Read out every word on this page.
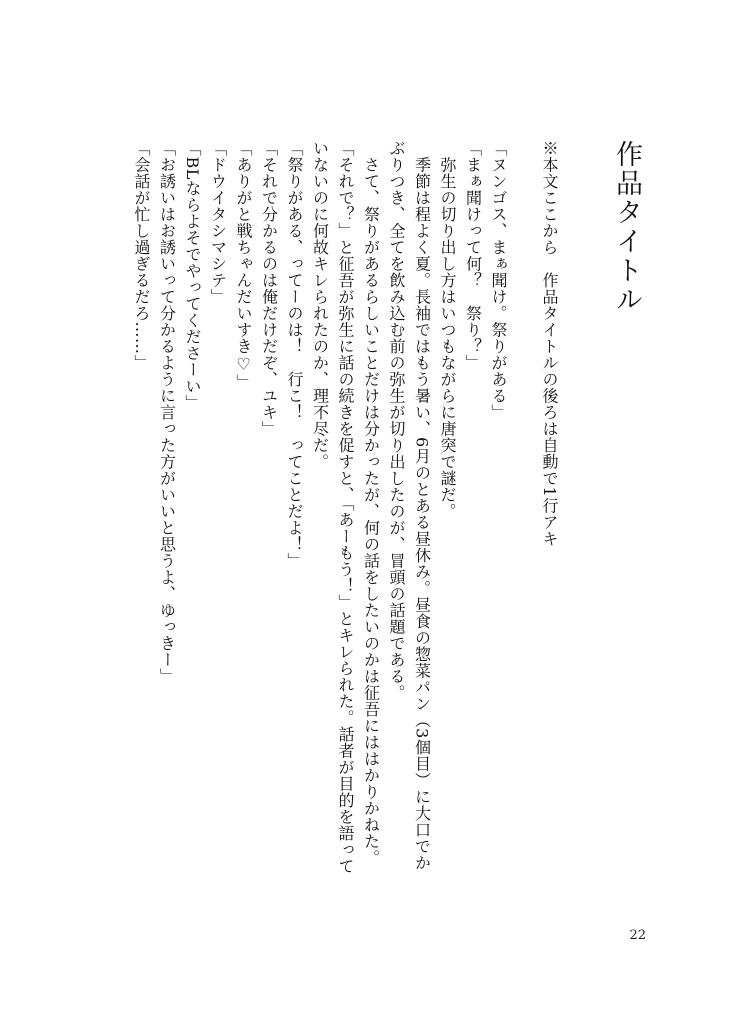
作品タイトル

※本文ここから　作品タイトルの後ろは自動で1行アキ

「ヌンゴス、まぁ聞け。祭りがある」

「まぁ聞けって何？　祭り？」

　弥生の切り出し方はいつもながらに唐突で謎だ。

　季節は程よく夏。長袖ではもう暑い、6月のとある昼休み。昼食の惣菜パン（3個目）に大口でかぶりつき、全てを飲み込む前の弥生が切り出したのが、冒頭の話題である。

　さて、祭りがあるらしいことだけは分かったが、何の話をしたいのかは征吾にははかりかねた。

「それで？」と征吾が弥生に話の続きを促すと、「あーもう！」とキレられた。話者が目的を語っていないのに何故キレられたのか、理不尽だ。

「祭りがある、ってーのは！　行こ！　ってことだよ！」

「それで分かるのは俺だけだぞ、ユキ」

「ありがと戦ちゃんだいすき♡」

「ドウイタシマシテ」

「BLならよそでやってくださーい」

「お誘いはお誘いって分かるように言った方がいいと思うよ、ゆっきー」

「会話が忙し過ぎるだろ……」

22
